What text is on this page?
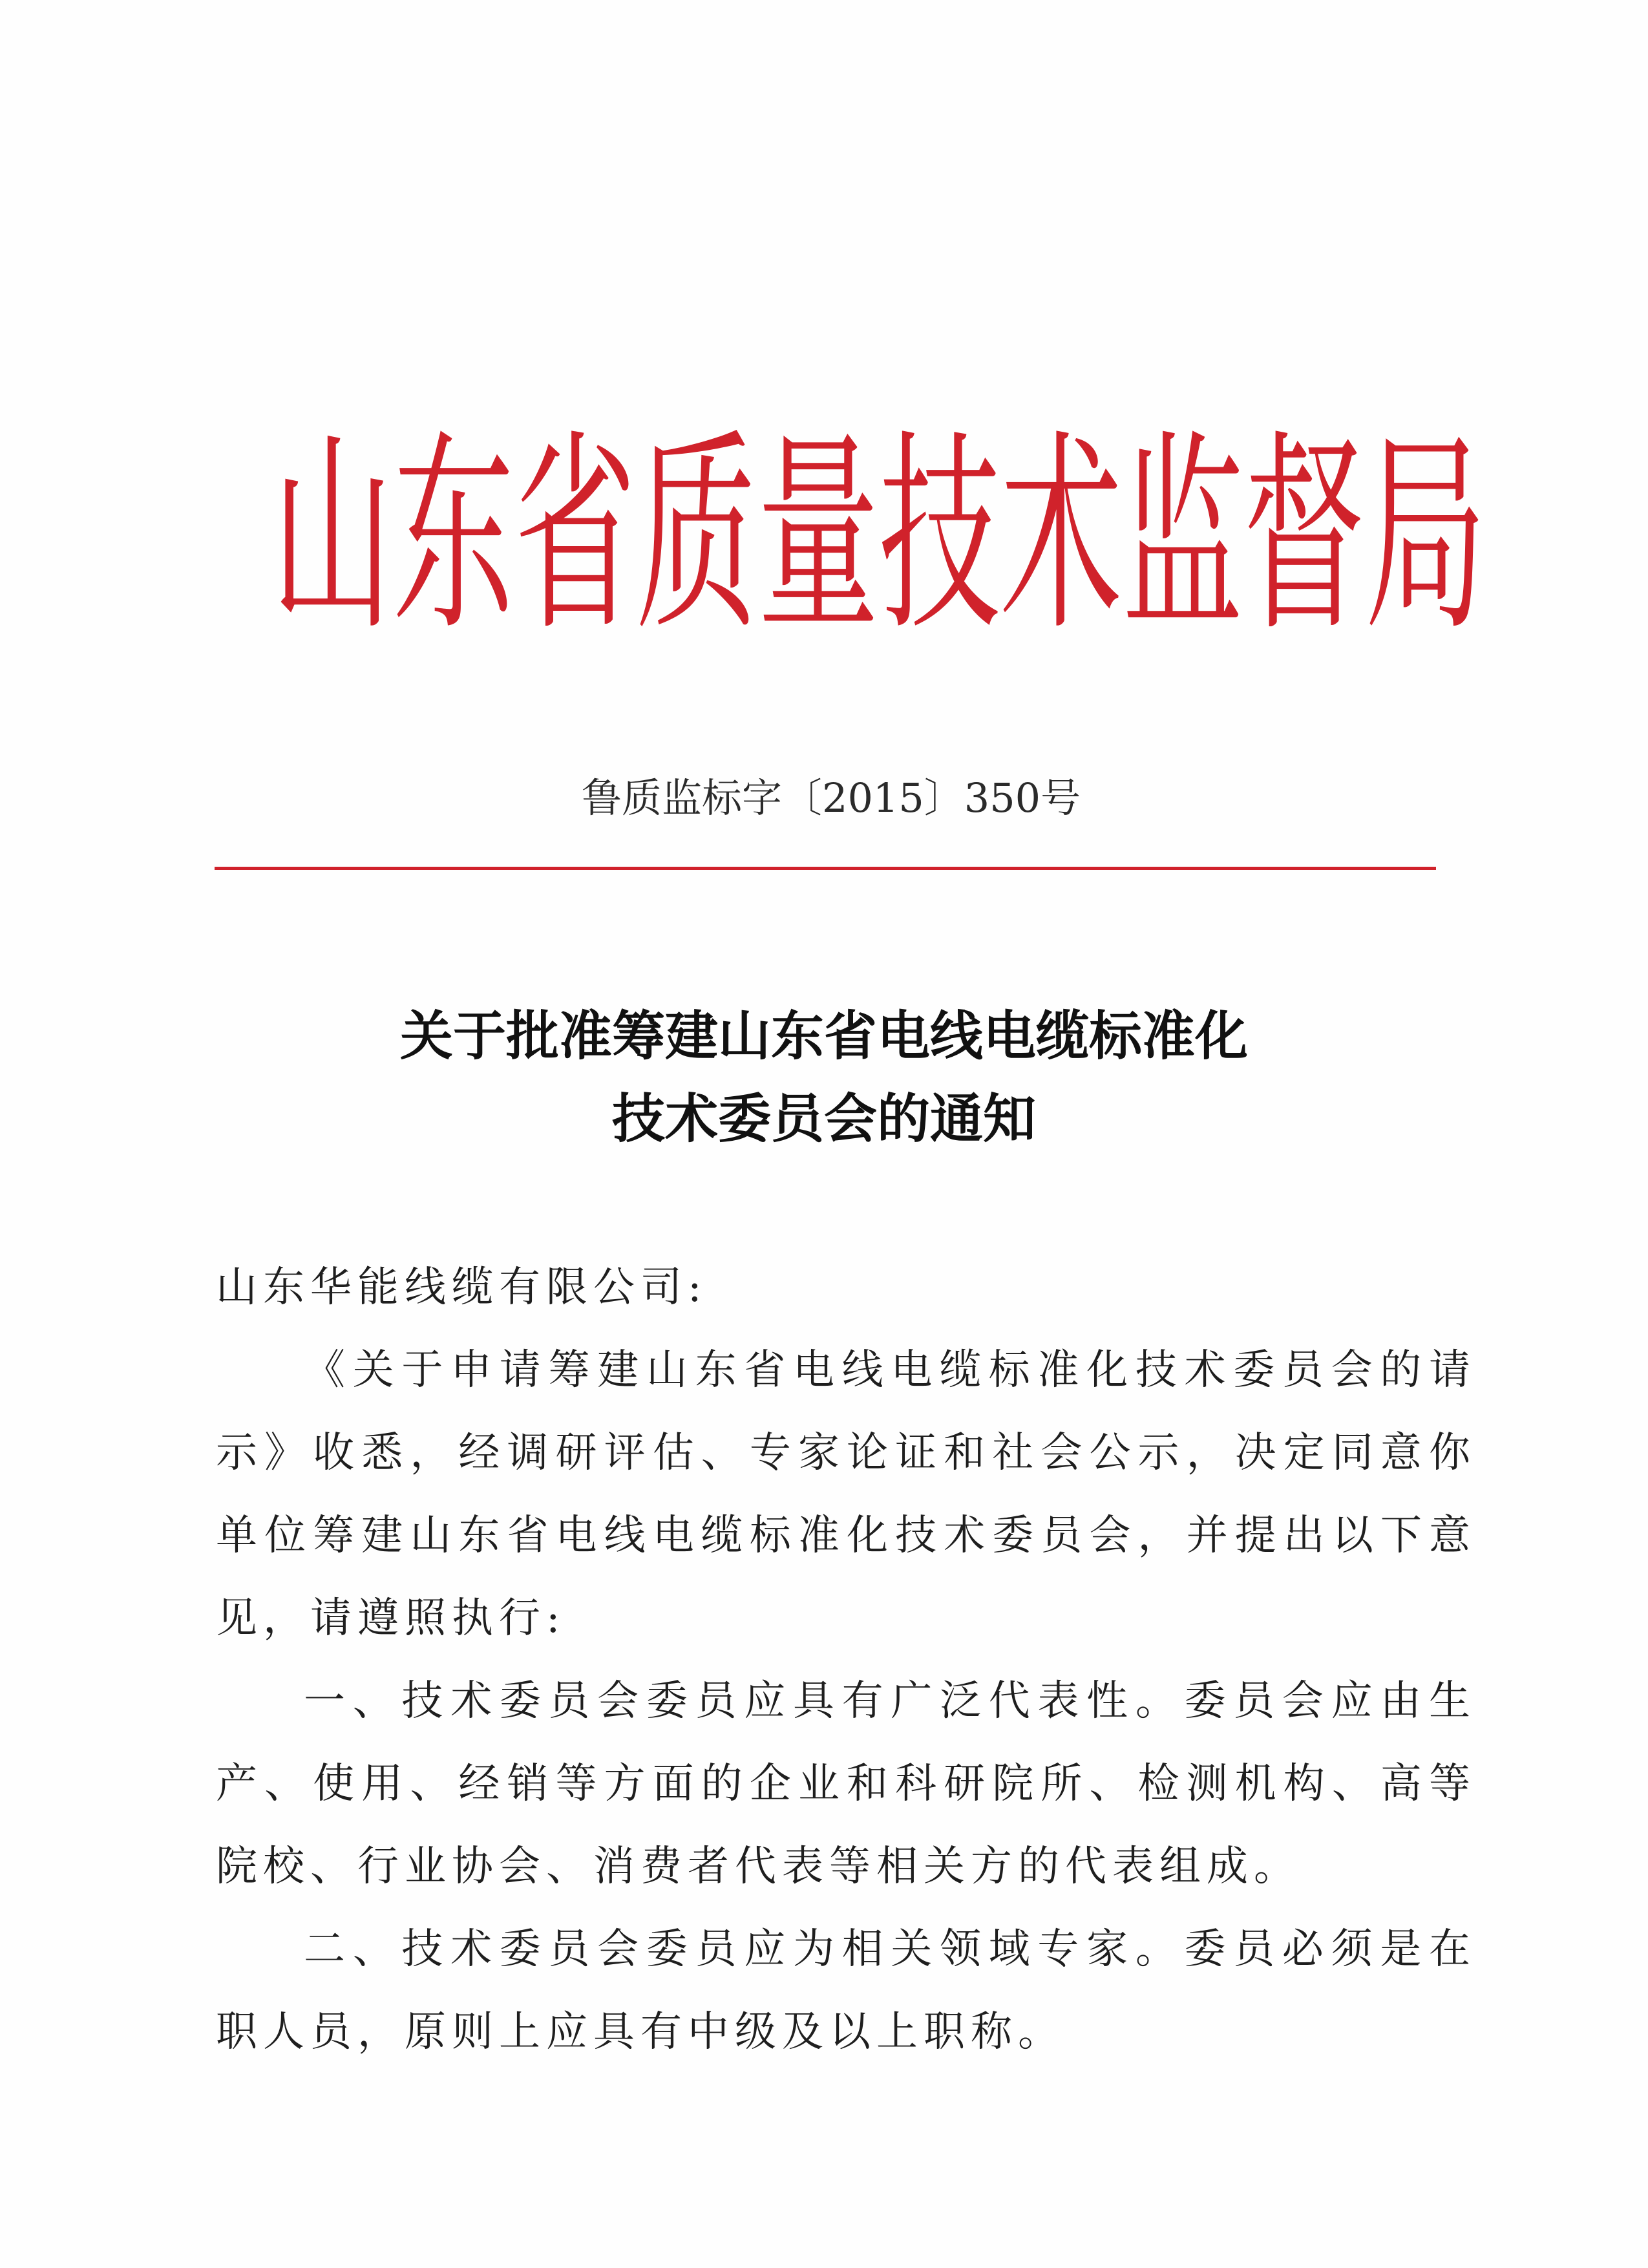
山东省质量技术监督局
鲁质监标字〔2015〕350号
关于批准筹建山东省电线电缆标准化
技术委员会的通知

山东华能线缆有限公司:

《关于申请筹建山东省电线电缆标准化技术委员会的请示》收悉，经调研评估、专家论证和社会公示，决定同意你单位筹建山东省电线电缆标准化技术委员会，并提出以下意见，请遵照执行:

一、技术委员会委员应具有广泛代表性。委员会应由生产、使用、经销等方面的企业和科研院所、检测机构、高等院校、行业协会、消费者代表等相关方的代表组成。

二、技术委员会委员应为相关领域专家。委员必须是在职人员，原则上应具有中级及以上职称。
